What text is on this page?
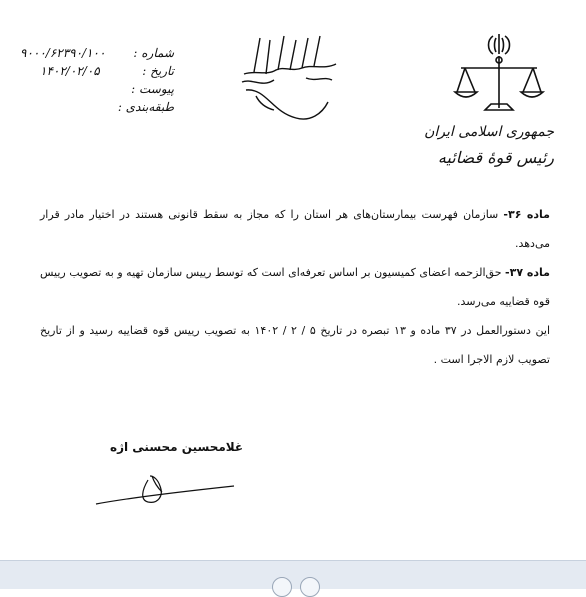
جمهوری اسلامی ایران
رئیس قوهٔ قضائیه
شماره :
۹۰۰۰/۶۲۳۹۰/۱۰۰
تاریخ :
۱۴۰۲/۰۲/۰۵
پیوست :
طبقه‌بندی :

ماده ۳۶- سازمان فهرست بیمارستان‌های هر استان را که مجاز به سقط قانونی هستند در اختیار مادر قرار می‌دهد.

ماده ۳۷- حق‌الزحمه اعضای کمیسیون بر اساس تعرفه‌ای است که توسط رییس سازمان تهیه و به تصویب رییس قوه قضاییه می‌رسد.

این دستورالعمل در ۳۷ ماده و ۱۳ تبصره در تاریخ ۵ / ۲ / ۱۴۰۲ به تصویب رییس قوه قضاییه رسید و از تاریخ تصویب لازم الاجرا است .

غلامحسین محسنی اژه
